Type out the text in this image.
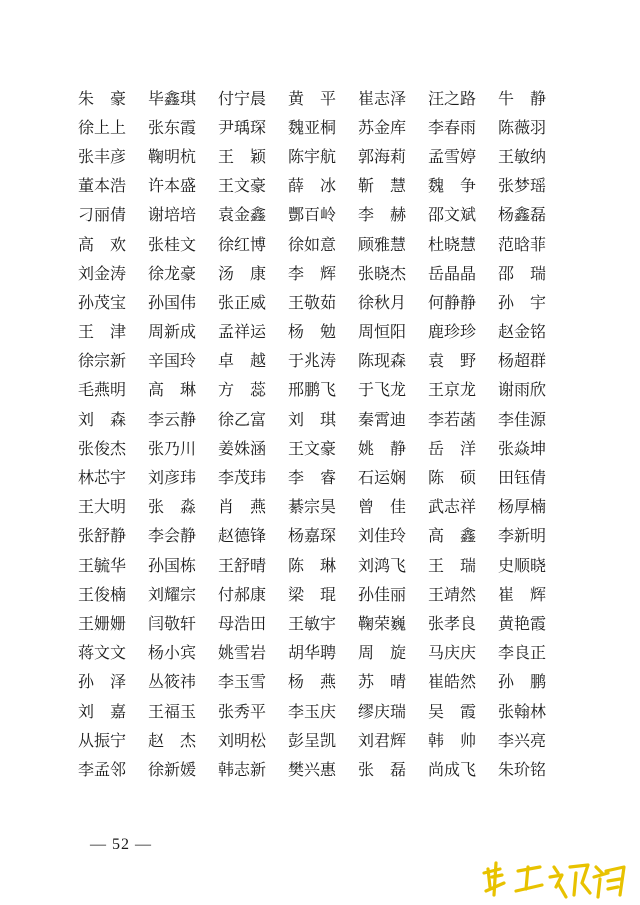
朱　豪 毕鑫琪 付宁晨 黄　平 崔志泽 汪之路 牛　静
徐上上 张东霞 尹瑀琛 魏亚桐 苏金库 李春雨 陈薇羽
张丰彦 鞠明杭 王　颖 陈宇航 郭海莉 孟雪婷 王敏纳
董本浩 许本盛 王文豪 薛　冰 靳　慧 魏　争 张梦瑶
刁丽倩 谢培培 袁金鑫 酆百岭 李　赫 邵文斌 杨鑫磊
高　欢 张桂文 徐红博 徐如意 顾雅慧 杜晓慧 范晗菲
刘金涛 徐龙豪 汤　康 李　辉 张晓杰 岳晶晶 邵　瑞
孙茂宝 孙国伟 张正威 王敬茹 徐秋月 何静静 孙　宇
王　津 周新成 孟祥运 杨　勉 周恒阳 鹿珍珍 赵金铭
徐宗新 辛国玲 卓　越 于兆涛 陈现森 袁　野 杨超群
毛燕明 高　琳 方　蕊 邢鹏飞 于飞龙 王京龙 谢雨欣
刘　森 李云静 徐乙富 刘　琪 秦霄迪 李若菡 李佳源
张俊杰 张乃川 姜姝涵 王文豪 姚　静 岳　洋 张焱坤
林芯宇 刘彦玮 李茂玮 李　睿 石运娴 陈　硕 田钰倩
王大明 张　淼 肖　燕 綦宗昊 曾　佳 武志祥 杨厚楠
张舒静 李会静 赵德锋 杨嘉琛 刘佳玲 高　鑫 李新明
王毓华 孙国栋 王舒晴 陈　琳 刘鸿飞 王　瑞 史顺晓
王俊楠 刘耀宗 付郝康 梁　琨 孙佳丽 王靖然 崔　辉
王姗姗 闫敬轩 母浩田 王敏宇 鞠荣巍 张孝良 黄艳霞
蒋文文 杨小宾 姚雪岩 胡华聘 周　旋 马庆庆 李良正
孙　泽 丛筱祎 李玉雪 杨　燕 苏　晴 崔皓然 孙　鹏
刘　嘉 王福玉 张秀平 李玉庆 缪庆瑞 吴　霞 张翰林
从振宁 赵　杰 刘明松 彭呈凯 刘君辉 韩　帅 李兴亮
李孟邻 徐新媛 韩志新 樊兴惠 张　磊 尚成飞 朱玠铭
— 52 —
